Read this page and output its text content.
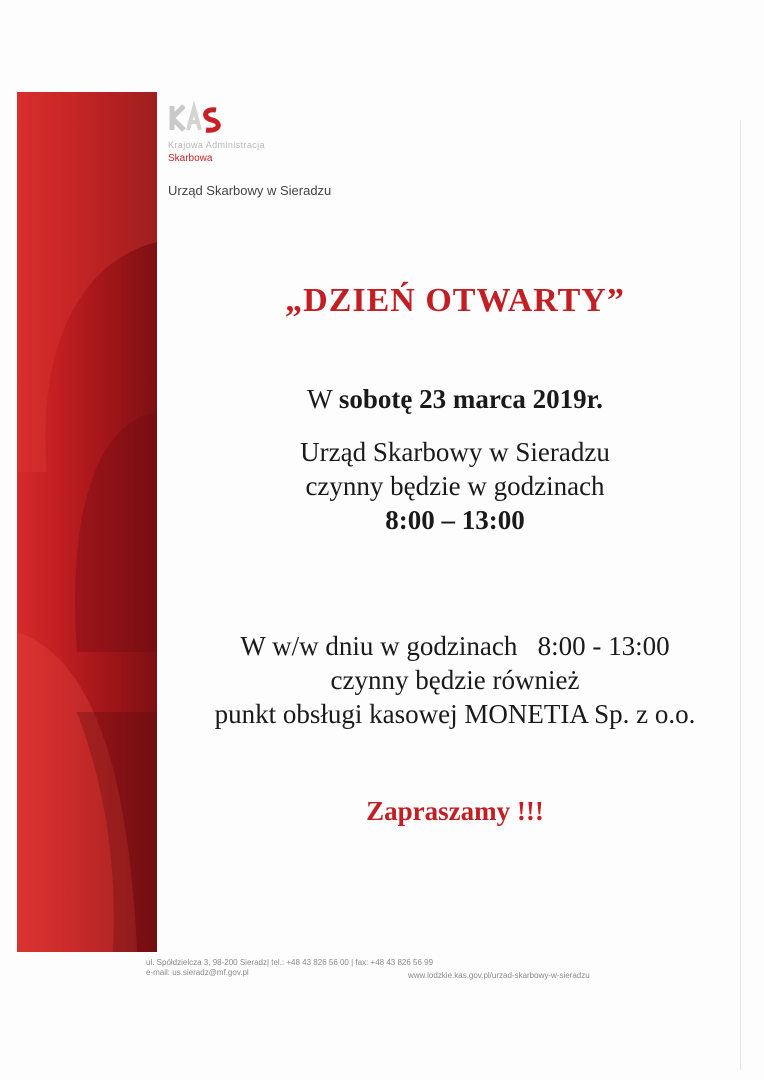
Krajowa Administracja
Skarbowa
Urząd Skarbowy w Sieradzu
„DZIEŃ OTWARTY”
W sobotę 23 marca 2019r.
Urząd Skarbowy w Sieradzu
czynny będzie w godzinach
8:00 – 13:00
W w/w dniu w godzinach   8:00 - 13:00
czynny będzie również
punkt obsługi kasowej MONETIA Sp. z o.o.
Zapraszamy !!!
ul. Spółdzielcza 3, 98-200 Sieradz| tel.: +48 43 826 56 00 | fax: +48 43 826 56 99
e-mail: us.sieradz@mf.gov.pl	www.lodzkie.kas.gov.pl/urzad-skarbowy-w-sieradzu
